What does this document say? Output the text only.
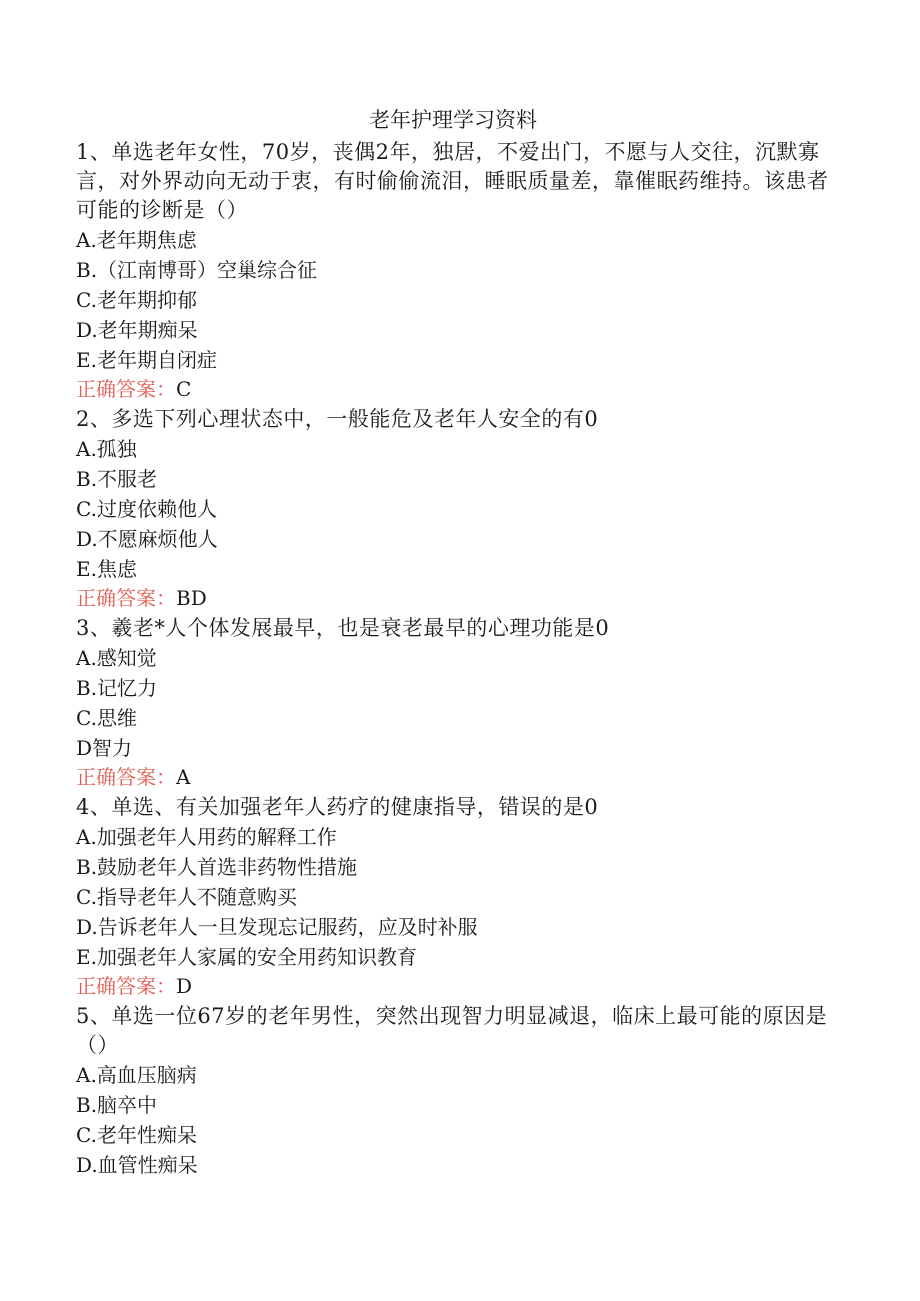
老年护理学习资料

1、单选老年女性，70岁，丧偶2年，独居，不爱出门，不愿与人交往，沉默寡言，对外界动向无动于衷，有时偷偷流泪，睡眠质量差，靠催眠药维持。该患者可能的诊断是（）

A.老年期焦虑

B.（江南博哥）空巢综合征

C.老年期抑郁

D.老年期痴呆

E.老年期自闭症

正确答案：C

2、多选下列心理状态中，一般能危及老年人安全的有0

A.孤独

B.不服老

C.过度依赖他人

D.不愿麻烦他人

E.焦虑

正确答案：BD

3、羲老*人个体发展最早，也是衰老最早的心理功能是0

A.感知觉

B.记忆力

C.思维

D智力

正确答案：A

4、单选、有关加强老年人药疗的健康指导，错误的是0

A.加强老年人用药的解释工作

B.鼓励老年人首选非药物性措施

C.指导老年人不随意购买

D.告诉老年人一旦发现忘记服药，应及时补服

E.加强老年人家属的安全用药知识教育

正确答案：D

5、单选一位67岁的老年男性，突然出现智力明显减退，临床上最可能的原因是（）

A.高血压脑病

B.脑卒中

C.老年性痴呆

D.血管性痴呆
